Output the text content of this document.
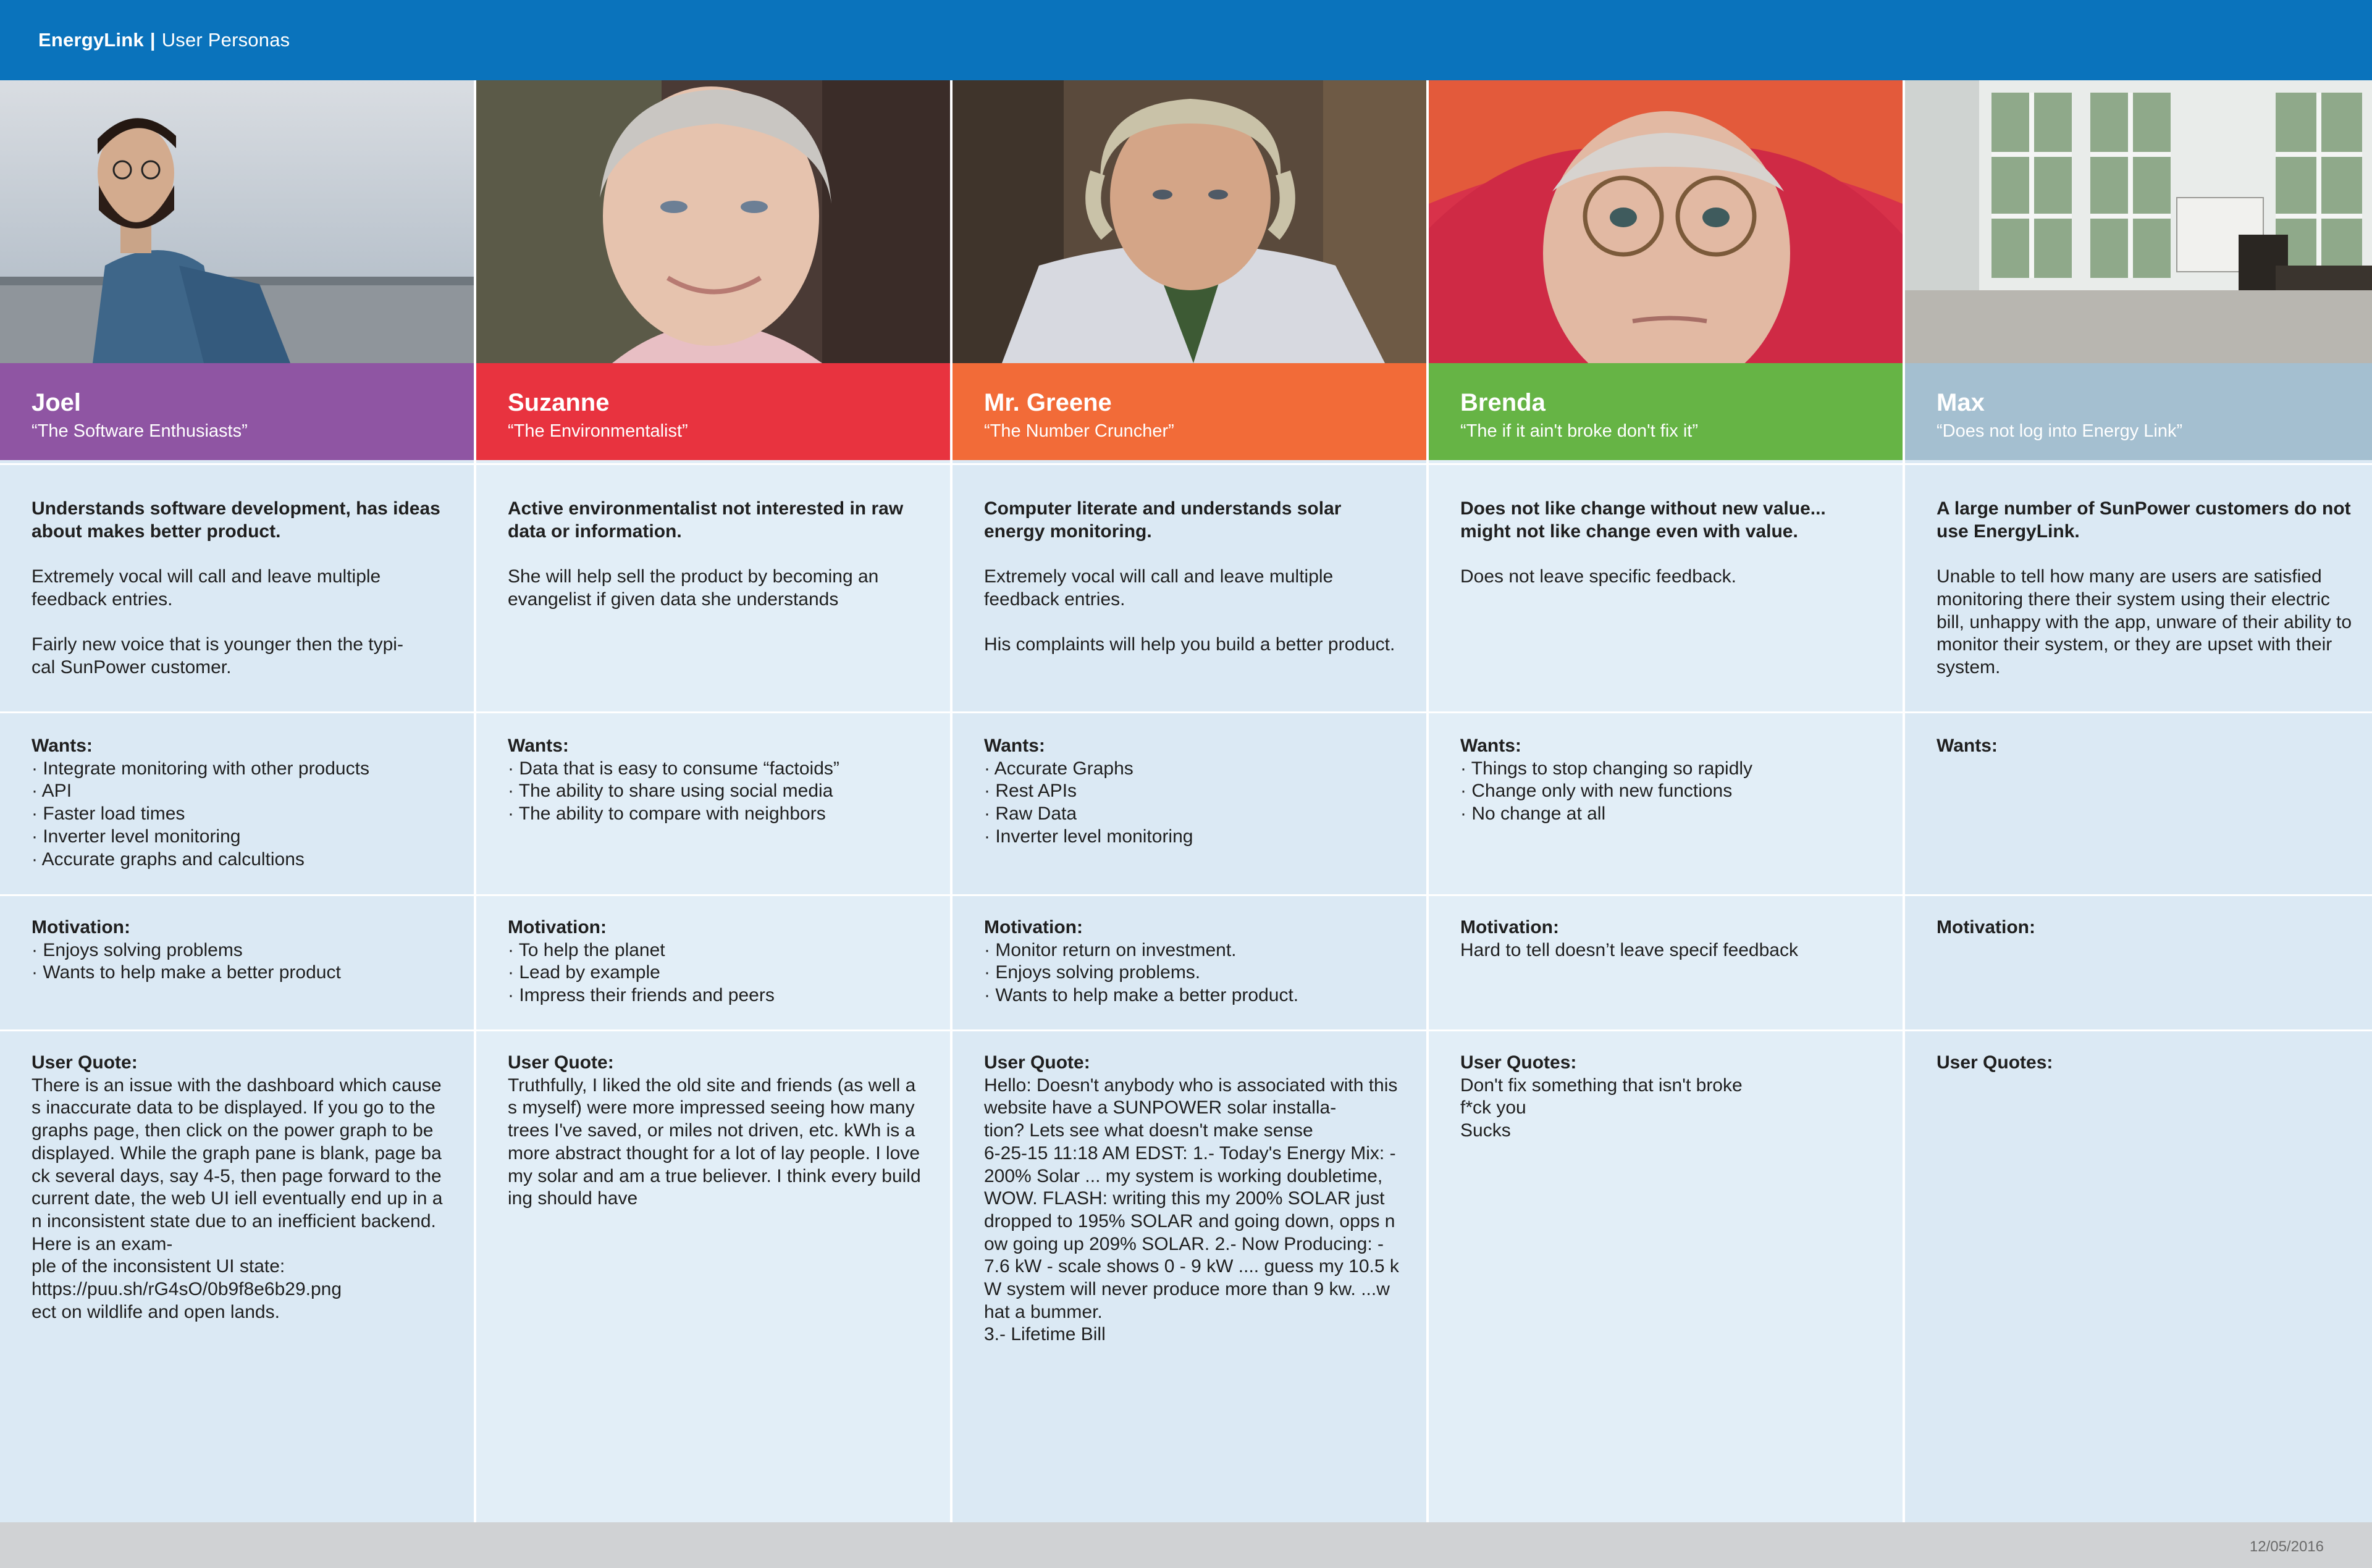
EnergyLink | User Personas
Joel
“The Software Enthusiasts”

Understands software development, has ideas about makes better product.

Extremely vocal will call and leave multiple feedback entries.

Fairly new voice that is younger then the typi-
cal SunPower customer.

Wants:
· Integrate monitoring with other products
· API
· Faster load times
· Inverter level monitoring
· Accurate graphs and calcultions
Motivation:
· Enjoys solving problems
· Wants to help make a better product
User Quote:
There is an issue with the dashboard which causes inaccurate data to be displayed. If you go to the graphs page, then click on the power graph to be displayed. While the graph pane is blank, page back several days, say 4-5, then page forward to the current date, the web UI iell eventually end up in an inconsistent state due to an inefficient backend. Here is an exam-
ple of the inconsistent UI state:
https://puu.sh/rG4sO/0b9f8e6b29.png
ect on wildlife and open lands.
Suzanne
“The Environmentalist”

Active environmentalist not interested in raw data or information.

She will help sell the product by becoming an evangelist if given data she understands

Wants:
· Data that is easy to consume “factoids”
· The ability to share using social media
· The ability to compare with neighbors
Motivation:
· To help the planet
· Lead by example
· Impress their friends and peers
User Quote:
Truthfully, I liked the old site and friends (as well as myself) were more impressed seeing how many trees I've saved, or miles not driven, etc. kWh is a more abstract thought for a lot of lay people. I love my solar and am a true believer. I think every building should have
Mr. Greene
“The Number Cruncher”

Computer literate and understands solar energy monitoring.

Extremely vocal will call and leave multiple feedback entries.

His complaints will help you build a better product.

Wants:
· Accurate Graphs
· Rest APIs
· Raw Data
· Inverter level monitoring
Motivation:
· Monitor return on investment.
· Enjoys solving problems.
· Wants to help make a better product.
User Quote:
Hello: Doesn't anybody who is associated with this website have a SUNPOWER solar installa-
tion? Lets see what doesn't make sense
6-25-15 11:18 AM EDST: 1.- Today's Energy Mix: - 200% Solar ... my system is working doubletime, WOW. FLASH: writing this my 200% SOLAR just dropped to 195% SOLAR and going down, opps now going up 209% SOLAR. 2.- Now Producing: - 7.6 kW - scale shows 0 - 9 kW .... guess my 10.5 kW system will never produce more than 9 kw. ...what a bummer.
3.- Lifetime Bill
Brenda
“The if it ain't broke don't fix it”

Does not like change without new value... might not like change even with value.

Does not leave specific feedback.

Wants:
· Things to stop changing so rapidly
· Change only with new functions
· No change at all
Motivation:
Hard to tell doesn’t leave specif feedback
User Quotes:
Don't fix something that isn't broke
f*ck you
Sucks
Max
“Does not log into Energy Link”

A large number of SunPower customers do not use EnergyLink.

Unable to tell how many are users are satisfied monitoring there their system using their electric bill, unhappy with the app, unware of their ability to monitor their system, or they are upset with their system.

Wants:
Motivation:
User Quotes:
12/05/2016
